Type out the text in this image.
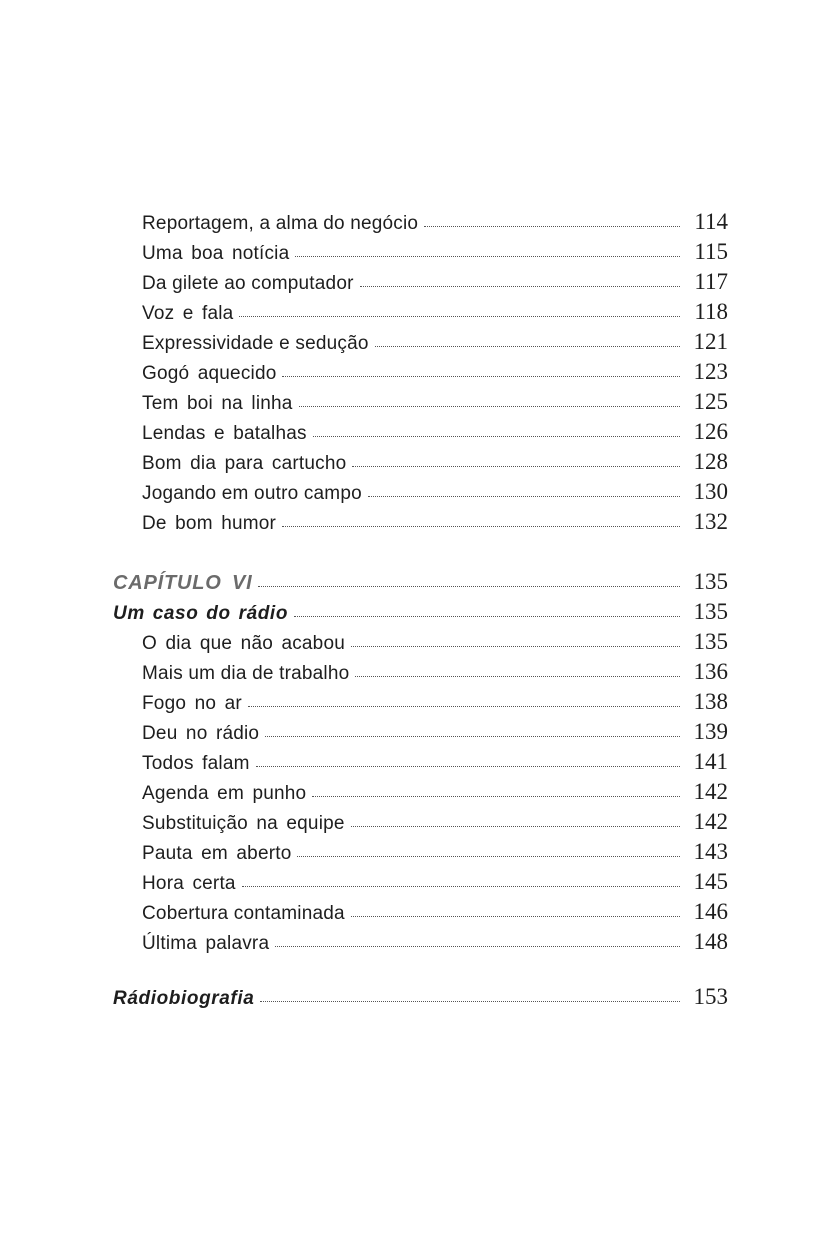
Reportagem, a alma do negócio	114
Uma boa notícia	115
Da gilete ao computador	117
Voz e fala	118
Expressividade e sedução	121
Gogó aquecido	123
Tem boi na linha	125
Lendas e batalhas	126
Bom dia para cartucho	128
Jogando em outro campo	130
De bom humor	132
CAPÍTULO VI	135
Um caso do rádio	135
O dia que não acabou	135
Mais um dia de trabalho	136
Fogo no ar	138
Deu no rádio	139
Todos falam	141
Agenda em punho	142
Substituição na equipe	142
Pauta em aberto	143
Hora certa	145
Cobertura contaminada	146
Última palavra	148
Rádiobiografia	153
